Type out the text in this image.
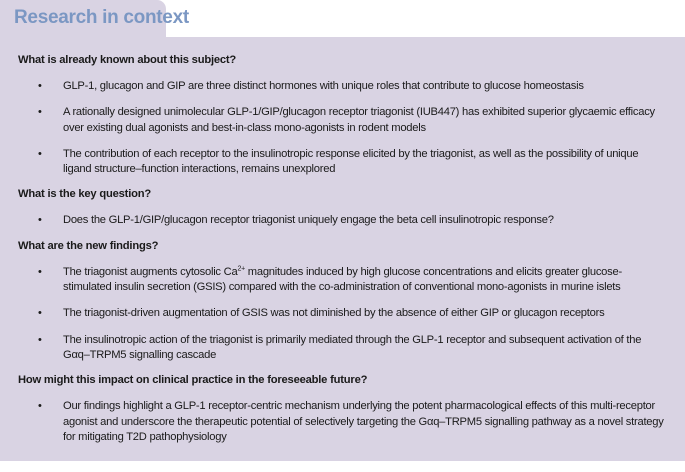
What is already known about this subject?
• GLP-1, glucagon and GIP are three distinct hormones with unique roles that contribute to glucose homeostasis
• A rationally designed unimolecular GLP-1/GIP/glucagon receptor triagonist (IUB447) has exhibited superior glycaemic efficacy over existing dual agonists and best-in-class mono-agonists in rodent models
• The contribution of each receptor to the insulinotropic response elicited by the triagonist, as well as the possibility of unique ligand structure–function interactions, remains unexplored
What is the key question?
• Does the GLP-1/GIP/glucagon receptor triagonist uniquely engage the beta cell insulinotropic response?
What are the new findings?
• The triagonist augments cytosolic $Ca^{2+}$ magnitudes induced by high glucose concentrations and elicits greater glucose-stimulated insulin secretion (GSIS) compared with the co-administration of conventional mono-agonists in murine islets
• The triagonist-driven augmentation of GSIS was not diminished by the absence of either GIP or glucagon receptors
• The insulinotropic action of the triagonist is primarily mediated through the GLP-1 receptor and subsequent activation of the Gαq–TRPM5 signalling cascade
How might this impact on clinical practice in the foreseeable future?
• Our findings highlight a GLP-1 receptor-centric mechanism underlying the potent pharmacological effects of this multi-receptor agonist and underscore the therapeutic potential of selectively targeting the Gαq–TRPM5 signalling pathway as a novel strategy for mitigating T2D pathophysiology
Research in context
